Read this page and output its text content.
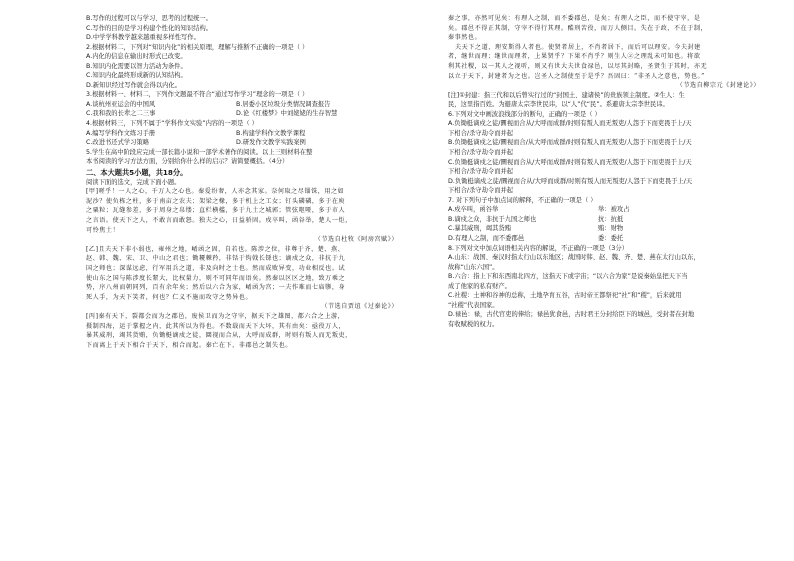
B.写作的过程可以与学习、思考的过程统一。
C.写作的目的是学习构建个性化的知识结构。
D.中学学科教学越来越重视多样性写作。
2.根据材料二，下列对“知识内化”的相关原理，理解与推断不正确的一项是（ ）
A.内化的信息在输出时形式已改变。
B.知识内化需要以智力活动为条件。
C.知识内化最终形成新的认知结构。
D.新知识经过写作就会得以内化。
3.根据材料一、材料二，下列作文题最不符合“通过写作学习”理念的一项是（ ）
A.谈杭州亚运会的中国风	B.居委小区垃圾分类情况调查报告
C.我和我的长辈之二三事	D.论《红楼梦》中刘姥姥的生存智慧
4.根据材料三，下列不属于“学科作文实验”内容的一项是（ ）
A.编写学科作文练习手册	B.构建学科作文教学课程
C.改进书还式学习策略	D.研发作文教学实践案例
5.学生在高中阶段应完成一部长篇小说和一部学术著作的阅读。以上三则材料在整
本书阅读的学习方法方面，分别给你什么样的启示？请简要概括。（4分）
二、本大题共5小题，共18分。
阅读下面的选文，完成下面小题。
[甲]嗟乎！一人之心，千万人之心也。秦爱纷奢，人亦念其家。奈何取之尽锱铢，用之如
泥沙？使负栋之柱，多于南亩之农夫；架梁之椽，多于机上之工女；钉头磷磷，多于在庾
之粟粒；瓦缝参差，多于周身之帛缕；直栏横槛，多于九土之城郭；管弦呕哑，多于市人
之言语。使天下之人，不敢言而敢怒。独夫之心，日益骄固。戍卒叫，函谷举，楚人一炬，
可怜焦土！
（节选自杜牧《阿房宫赋》）
[乙]且夫天下非小弱也，雍州之地，崤函之固，自若也。陈涉之位，非尊于齐、楚、燕、
赵、韩、魏、宋、卫、中山之君也；锄耰棘矜，非铦于钩戟长铩也；谪戍之众，非抗于九
国之师也；深谋远虑，行军用兵之道，非及向时之士也。然而成败异变，功业相反也。试
使山东之国与陈涉度长絜大，比权量力，则不可同年而语矣。然秦以区区之地，致万乘之
势，序八州而朝同列，百有余年矣；然后以六合为家，崤函为宫；一夫作难而七庙隳，身
死人手，为天下笑者，何也？仁义不施而攻守之势异也。
（节选自贾谊《过秦论》）
[丙]秦有天下，裂都会而为之郡邑，废侯卫而为之守宰，据天下之雄图，都六合之上游，
摄制四海，运于掌握之内，此其所以为得也。不数载而天下大坏，其有由矣：亟役万人，
暴其威刑，竭其货贿，负锄梃谪戍之徒，圜视而合从，大呼而成群，时则有叛人而无叛吏，
下而离上于天下相合于天下，相合而起。秦亡在下，非郡邑之制失也。
秦之事，亦然可见矣：有理人之制，而不委郡邑，是矣；有理人之臣，而不使守宰，是
矣。郡邑不得正其制，守宰不得行其理。酷刑苦役，而万人侧目。失在于政，不在于制，
秦事然也。
夫天下之道，理安斯得人者也。使贤者居上，不肖者居下，而后可以理安。今夫封建
者，继世而理；继世而理者，上果贤乎？下果不肖乎？则生人②之理乱未可知也。将欲
利其社稷，以一其人之视听，则又有世大夫世食禄邑，以尽其封略，圣贤生于其时，亦无
以立于天下，封建者为之也。岂圣人之制使至于是乎？吾固曰：“非圣人之意也，势也。”
（节选自柳宗元《封建论》）
[注]①封建：指三代和以后曾实行过的“封国土、建诸侯”的贵族领主制度。②生人：生
民，这里指百姓。为避唐太宗李世民讳，以“人”代“民”。系避唐太宗李世民讳。
6.下列对文中画波浪线部分的断句，正确的一项是（ ）
A.负锄梃谪戍之徒/圜视而合从/大呼而成群/时则有叛人而无叛吏/人怨于下而吏畏于上/天
下相合/杀守劫令而并起
B.负锄梃谪戍之徒/圜视而合/从大呼而成群/时则有叛人而无叛吏/人怨于下而吏畏于上/天
下相合/杀守劫令而并起
C.负锄梃谪戍之徒/圜视而合从/大呼而成群/时则有叛人而无叛吏/人怨于下而吏畏于上/天
下相合/杀守劫令而并起
D.负锄梃谪戍之徒/圜视而合从/大呼而成群/时则有叛人而无叛吏/人怨于下而吏畏于上/天
下相合/杀守劫令而并起
7. 对下列句子中加点词的解释，不正确的一项是（ ）
A.戍卒叫，函谷举	举：被攻占
B.谪戍之众，非抗于九国之师也	抗：抗抵
C.暴其威刑，竭其货贿	贿：财物
D.有理人之制，而不委郡邑	委：委托
8.下列对文中加点词语相关内容的解说，不正确的一项是（3分）
A.山东：战国、秦汉时指太行山以东地区；战国时韩、赵、魏、齐、楚、燕在太行山以东，
故称“山东六国”。
B.六合：指上下和东西南北四方，这指天下或宇宙；“以六合为家”是说秦始皇把天下当
成了他家的私有财产。
C.社稷：土神和谷神的总称，土地孕育五谷，古时帝王都祭祀“社”和“稷”，后来就用
“社稷”代表国家。
D.禄邑：禄，古代官吏的俸给；禄邑犹食邑，古时君王分封给臣下的城邑，受封者在封地
有收赋税的权力。
